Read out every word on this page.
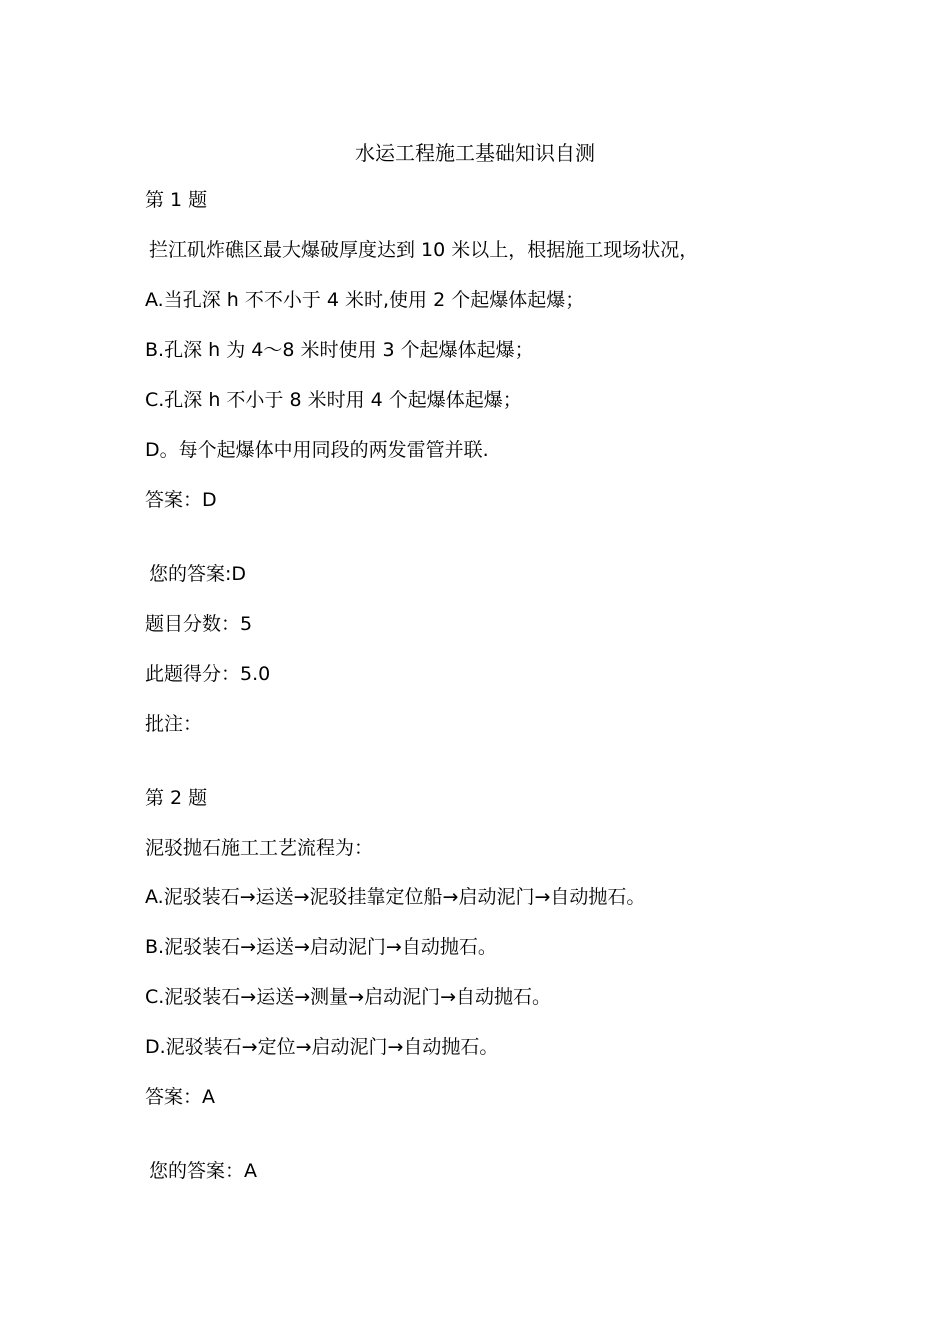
水运工程施工基础知识自测
第 1 题
拦江矶炸礁区最大爆破厚度达到 10 米以上，根据施工现场状况，
A.当孔深 h 不不小于 4 米时,使用 2 个起爆体起爆；
B.孔深 h 为 4～8 米时使用 3 个起爆体起爆；
C.孔深 h 不小于 8 米时用 4 个起爆体起爆；
D。每个起爆体中用同段的两发雷管并联.
答案：D
您的答案:D
题目分数：5
此题得分：5.0
批注：
第 2 题
泥驳抛石施工工艺流程为：
A.泥驳装石→运送→泥驳挂靠定位船→启动泥门→自动抛石。
B.泥驳装石→运送→启动泥门→自动抛石。
C.泥驳装石→运送→测量→启动泥门→自动抛石。
D.泥驳装石→定位→启动泥门→自动抛石。
答案：A
您的答案：A
